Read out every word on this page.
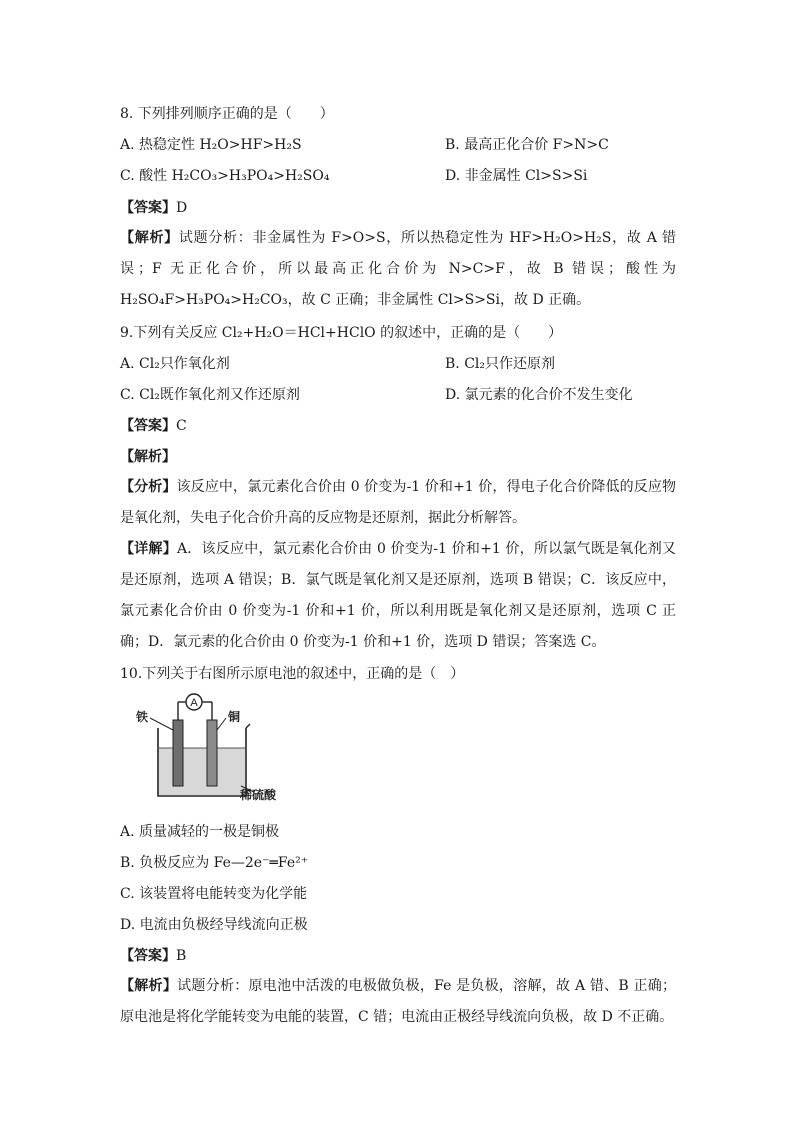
8. 下列排列顺序正确的是（　　）
A. 热稳定性 H₂O>HF>H₂S	B. 最高正化合价 F>N>C
C. 酸性 H₂CO₃>H₃PO₄>H₂SO₄	D. 非金属性 Cl>S>Si
【答案】D
【解析】试题分析：非金属性为 F>O>S，所以热稳定性为 HF>H₂O>H₂S，故 A 错误；F 无正化合价，所以最高正化合价为 N>C>F，故 B 错误；酸性为 H₂SO₄F>H₃PO₄>H₂CO₃，故 C 正确；非金属性 Cl>S>Si，故 D 正确。
9.下列有关反应 Cl₂+H₂O＝HCl+HClO 的叙述中，正确的是（　　）
A. Cl₂只作氧化剂	B. Cl₂只作还原剂
C. Cl₂既作氧化剂又作还原剂	D. 氯元素的化合价不发生变化
【答案】C
【解析】
【分析】该反应中，氯元素化合价由 0 价变为-1 价和+1 价，得电子化合价降低的反应物是氧化剂，失电子化合价升高的反应物是还原剂，据此分析解答。
【详解】A．该反应中，氯元素化合价由 0 价变为-1 价和+1 价，所以氯气既是氧化剂又是还原剂，选项 A 错误；B．氯气既是氧化剂又是还原剂，选项 B 错误；C．该反应中，氯元素化合价由 0 价变为-1 价和+1 价，所以利用既是氧化剂又是还原剂，选项 C 正确；D．氯元素的化合价由 0 价变为-1 价和+1 价，选项 D 错误；答案选 C。
10.下列关于右图所示原电池的叙述中，正确的是（　）
A
铁	铜
稀硫酸
A. 质量减轻的一极是铜极
B. 负极反应为 Fe—2e⁻═Fe²⁺
C. 该装置将电能转变为化学能
D. 电流由负极经导线流向正极
【答案】B
【解析】试题分析：原电池中活泼的电极做负极，Fe 是负极，溶解，故 A 错、B 正确；原电池是将化学能转变为电能的装置，C 错；电流由正极经导线流向负极，故 D 不正确。
